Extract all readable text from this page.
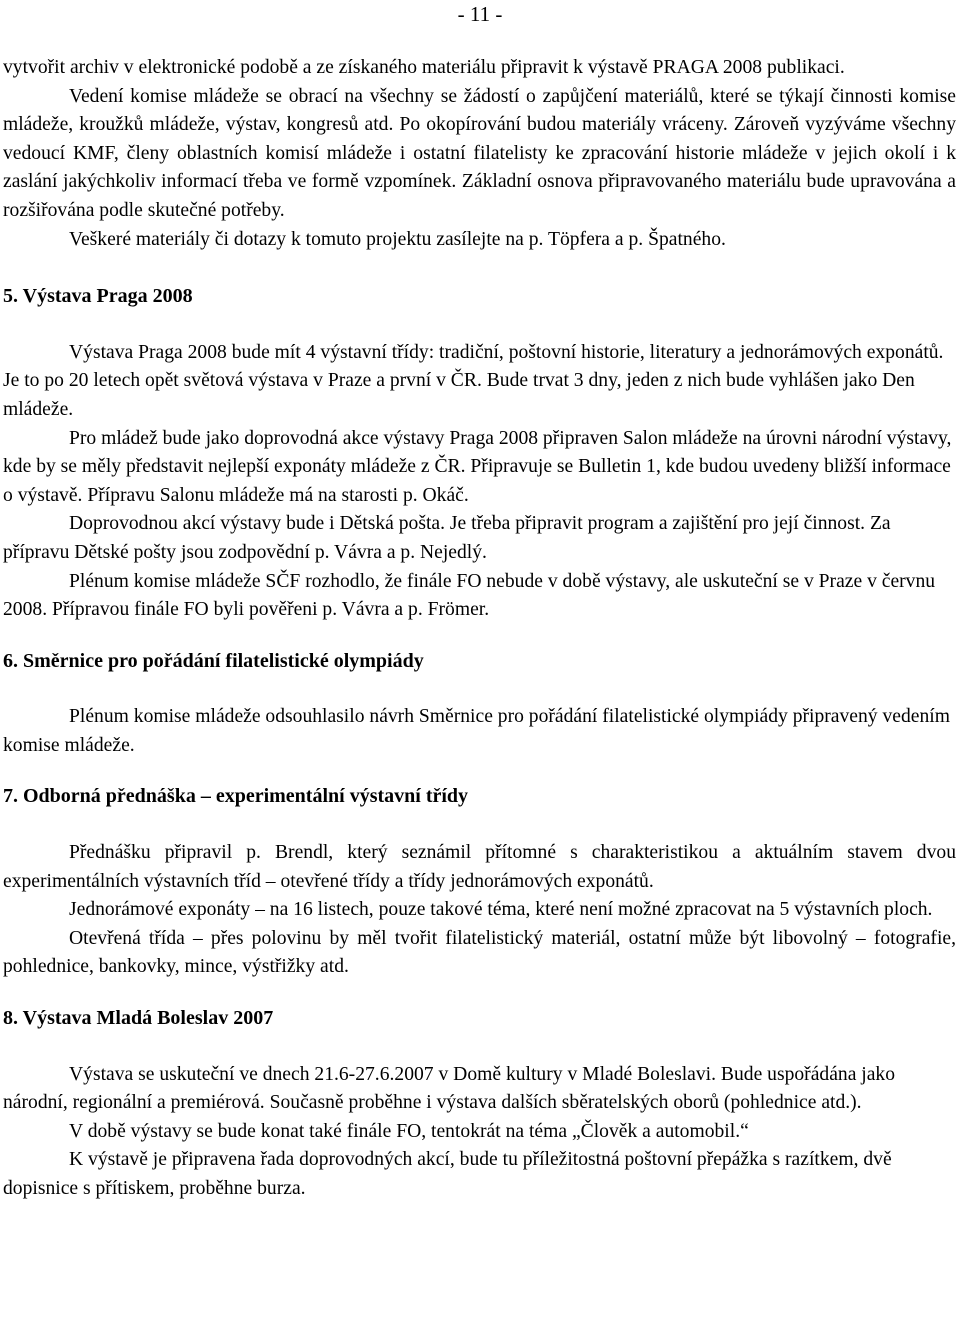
- 11 -

vytvořit archiv v elektronické podobě a ze získaného materiálu připravit k výstavě PRAGA 2008 publikaci.

Vedení komise mládeže se obrací na všechny se žádostí o zapůjčení materiálů, které se týkají činnosti komise mládeže, kroužků mládeže, výstav, kongresů atd. Po okopírování budou materiály vráceny. Zároveň vyzýváme všechny vedoucí KMF, členy oblastních komisí mládeže i ostatní filatelisty ke zpracování historie mládeže v jejich okolí i k zaslání jakýchkoliv informací třeba ve formě vzpomínek. Základní osnova připravovaného materiálu bude upravována a rozšiřována podle skutečné potřeby.

Veškeré materiály či dotazy k tomuto projektu zasílejte na p. Töpfera a p. Špatného.

5. Výstava Praga 2008

Výstava Praga 2008 bude mít 4 výstavní třídy: tradiční, poštovní historie, literatury a jednorámových exponátů. Je to po 20 letech opět světová výstava v Praze a první v ČR. Bude trvat 3 dny, jeden z nich bude vyhlášen jako Den mládeže.

Pro mládež bude jako doprovodná akce výstavy Praga 2008 připraven Salon mládeže na úrovni národní výstavy, kde by se měly představit nejlepší exponáty mládeže z ČR. Připravuje se Bulletin 1, kde budou uvedeny bližší informace o výstavě. Přípravu Salonu mládeže má na starosti p. Okáč.

Doprovodnou akcí výstavy bude i Dětská pošta. Je třeba připravit program a zajištění pro její činnost. Za přípravu Dětské pošty jsou zodpovědní p. Vávra a p. Nejedlý.

Plénum komise mládeže SČF rozhodlo, že finále FO nebude v době výstavy, ale uskuteční se v Praze v červnu 2008. Přípravou finále FO byli pověřeni p. Vávra a p. Frömer.

6. Směrnice pro pořádání filatelistické olympiády

Plénum komise mládeže odsouhlasilo návrh Směrnice pro pořádání filatelistické olympiády připravený vedením komise mládeže.

7. Odborná přednáška – experimentální výstavní třídy

Přednášku připravil p. Brendl, který seznámil přítomné s charakteristikou a aktuálním stavem dvou experimentálních výstavních tříd – otevřené třídy a třídy jednorámových exponátů.

Jednorámové exponáty – na 16 listech, pouze takové téma, které není možné zpracovat na 5 výstavních ploch.

Otevřená třída – přes polovinu by měl tvořit filatelistický materiál, ostatní může být libovolný – fotografie, pohlednice, bankovky, mince, výstřižky atd.

8. Výstava Mladá Boleslav 2007

Výstava se uskuteční ve dnech 21.6-27.6.2007 v Domě kultury v Mladé Boleslavi. Bude uspořádána jako národní, regionální a premiérová. Současně proběhne i výstava dalších sběratelských oborů (pohlednice atd.).

V době výstavy se bude konat také finále FO, tentokrát na téma „Člověk a automobil.“

K výstavě je připravena řada doprovodných akcí, bude tu příležitostná poštovní přepážka s razítkem, dvě dopisnice s přítiskem, proběhne burza.
